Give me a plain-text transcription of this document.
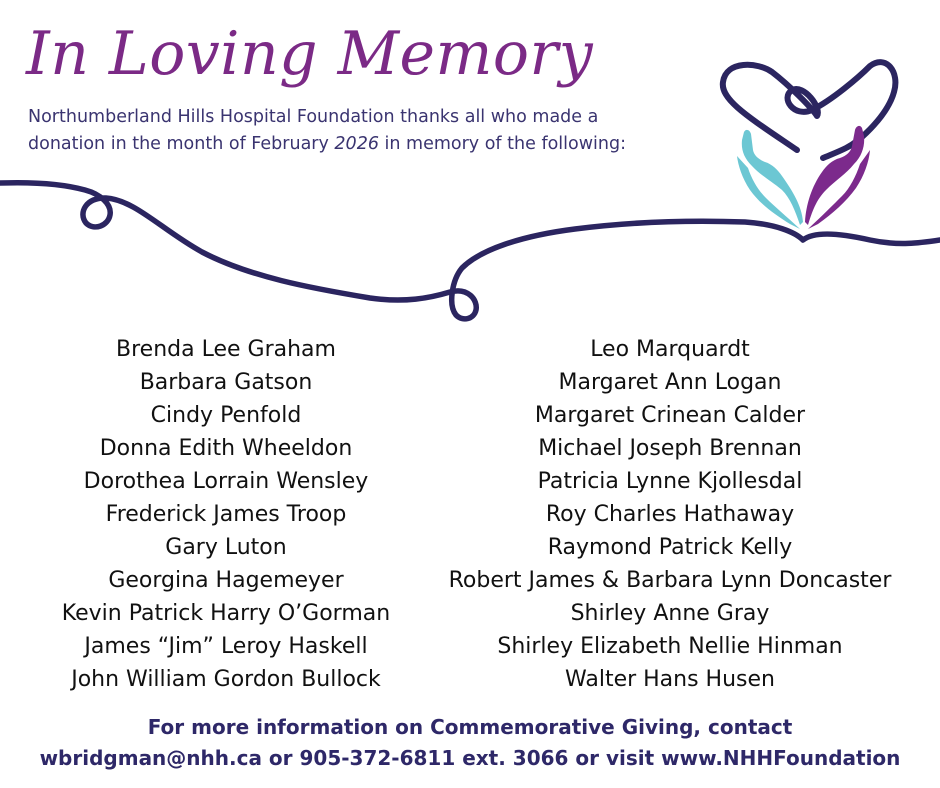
In Loving Memory

Northumberland Hills Hospital Foundation thanks all who made a
donation in the month of February 2026 in memory of the following:

Brenda Lee Graham
Barbara Gatson
Cindy Penfold
Donna Edith Wheeldon
Dorothea Lorrain Wensley
Frederick James Troop
Gary Luton
Georgina Hagemeyer
Kevin Patrick Harry O’Gorman
James “Jim” Leroy Haskell
John William Gordon Bullock
Leo Marquardt
Margaret Ann Logan
Margaret Crinean Calder
Michael Joseph Brennan
Patricia Lynne Kjollesdal
Roy Charles Hathaway
Raymond Patrick Kelly
Robert James & Barbara Lynn Doncaster
Shirley Anne Gray
Shirley Elizabeth Nellie Hinman
Walter Hans Husen

For more information on Commemorative Giving, contact
wbridgman@nhh.ca or 905-372-6811 ext. 3066 or visit www.NHHFoundation
